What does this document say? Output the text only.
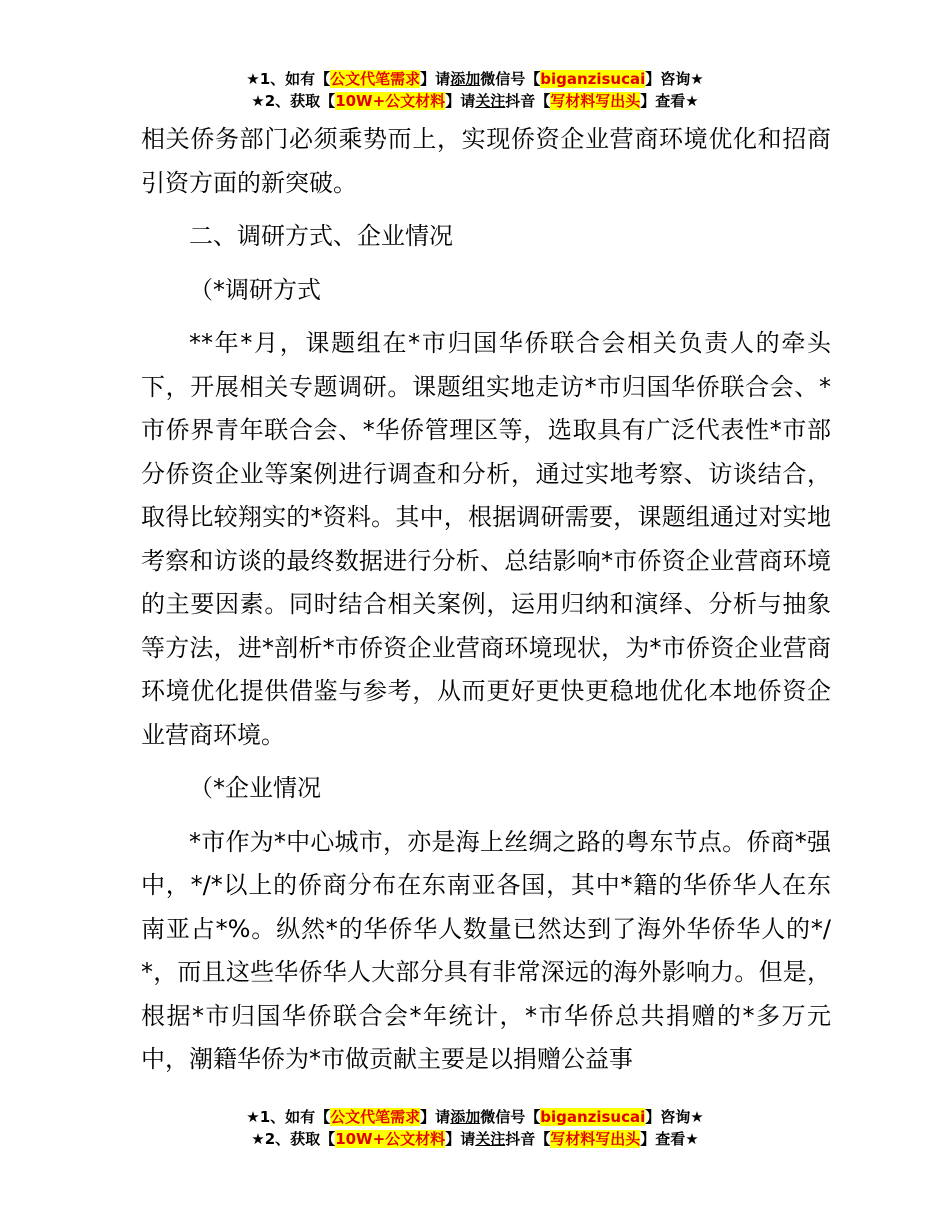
★1、如有【公文代笔需求】请添加微信号【biganzisucai】咨询★
★2、获取【10W+公文材料】请关注抖音【写材料写出头】查看★

相关侨务部门必须乘势而上，实现侨资企业营商环境优化和招商引资方面的新突破。

二、调研方式、企业情况

（*调研方式

**年*月，课题组在*市归国华侨联合会相关负责人的牵头下，开展相关专题调研。课题组实地走访*市归国华侨联合会、*市侨界青年联合会、*华侨管理区等，选取具有广泛代表性*市部分侨资企业等案例进行调查和分析，通过实地考察、访谈结合，取得比较翔实的*资料。其中，根据调研需要，课题组通过对实地考察和访谈的最终数据进行分析、总结影响*市侨资企业营商环境的主要因素。同时结合相关案例，运用归纳和演绎、分析与抽象等方法，进*剖析*市侨资企业营商环境现状，为*市侨资企业营商环境优化提供借鉴与参考，从而更好更快更稳地优化本地侨资企业营商环境。

（*企业情况

*市作为*中心城市，亦是海上丝绸之路的粤东节点。侨商*强中，*/*以上的侨商分布在东南亚各国，其中*籍的华侨华人在东南亚占*%。纵然*的华侨华人数量已然达到了海外华侨华人的*/*，而且这些华侨华人大部分具有非常深远的海外影响力。但是，根据*市归国华侨联合会*年统计，*市华侨总共捐赠的*多万元中，潮籍华侨为*市做贡献主要是以捐赠公益事

★1、如有【公文代笔需求】请添加微信号【biganzisucai】咨询★
★2、获取【10W+公文材料】请关注抖音【写材料写出头】查看★
